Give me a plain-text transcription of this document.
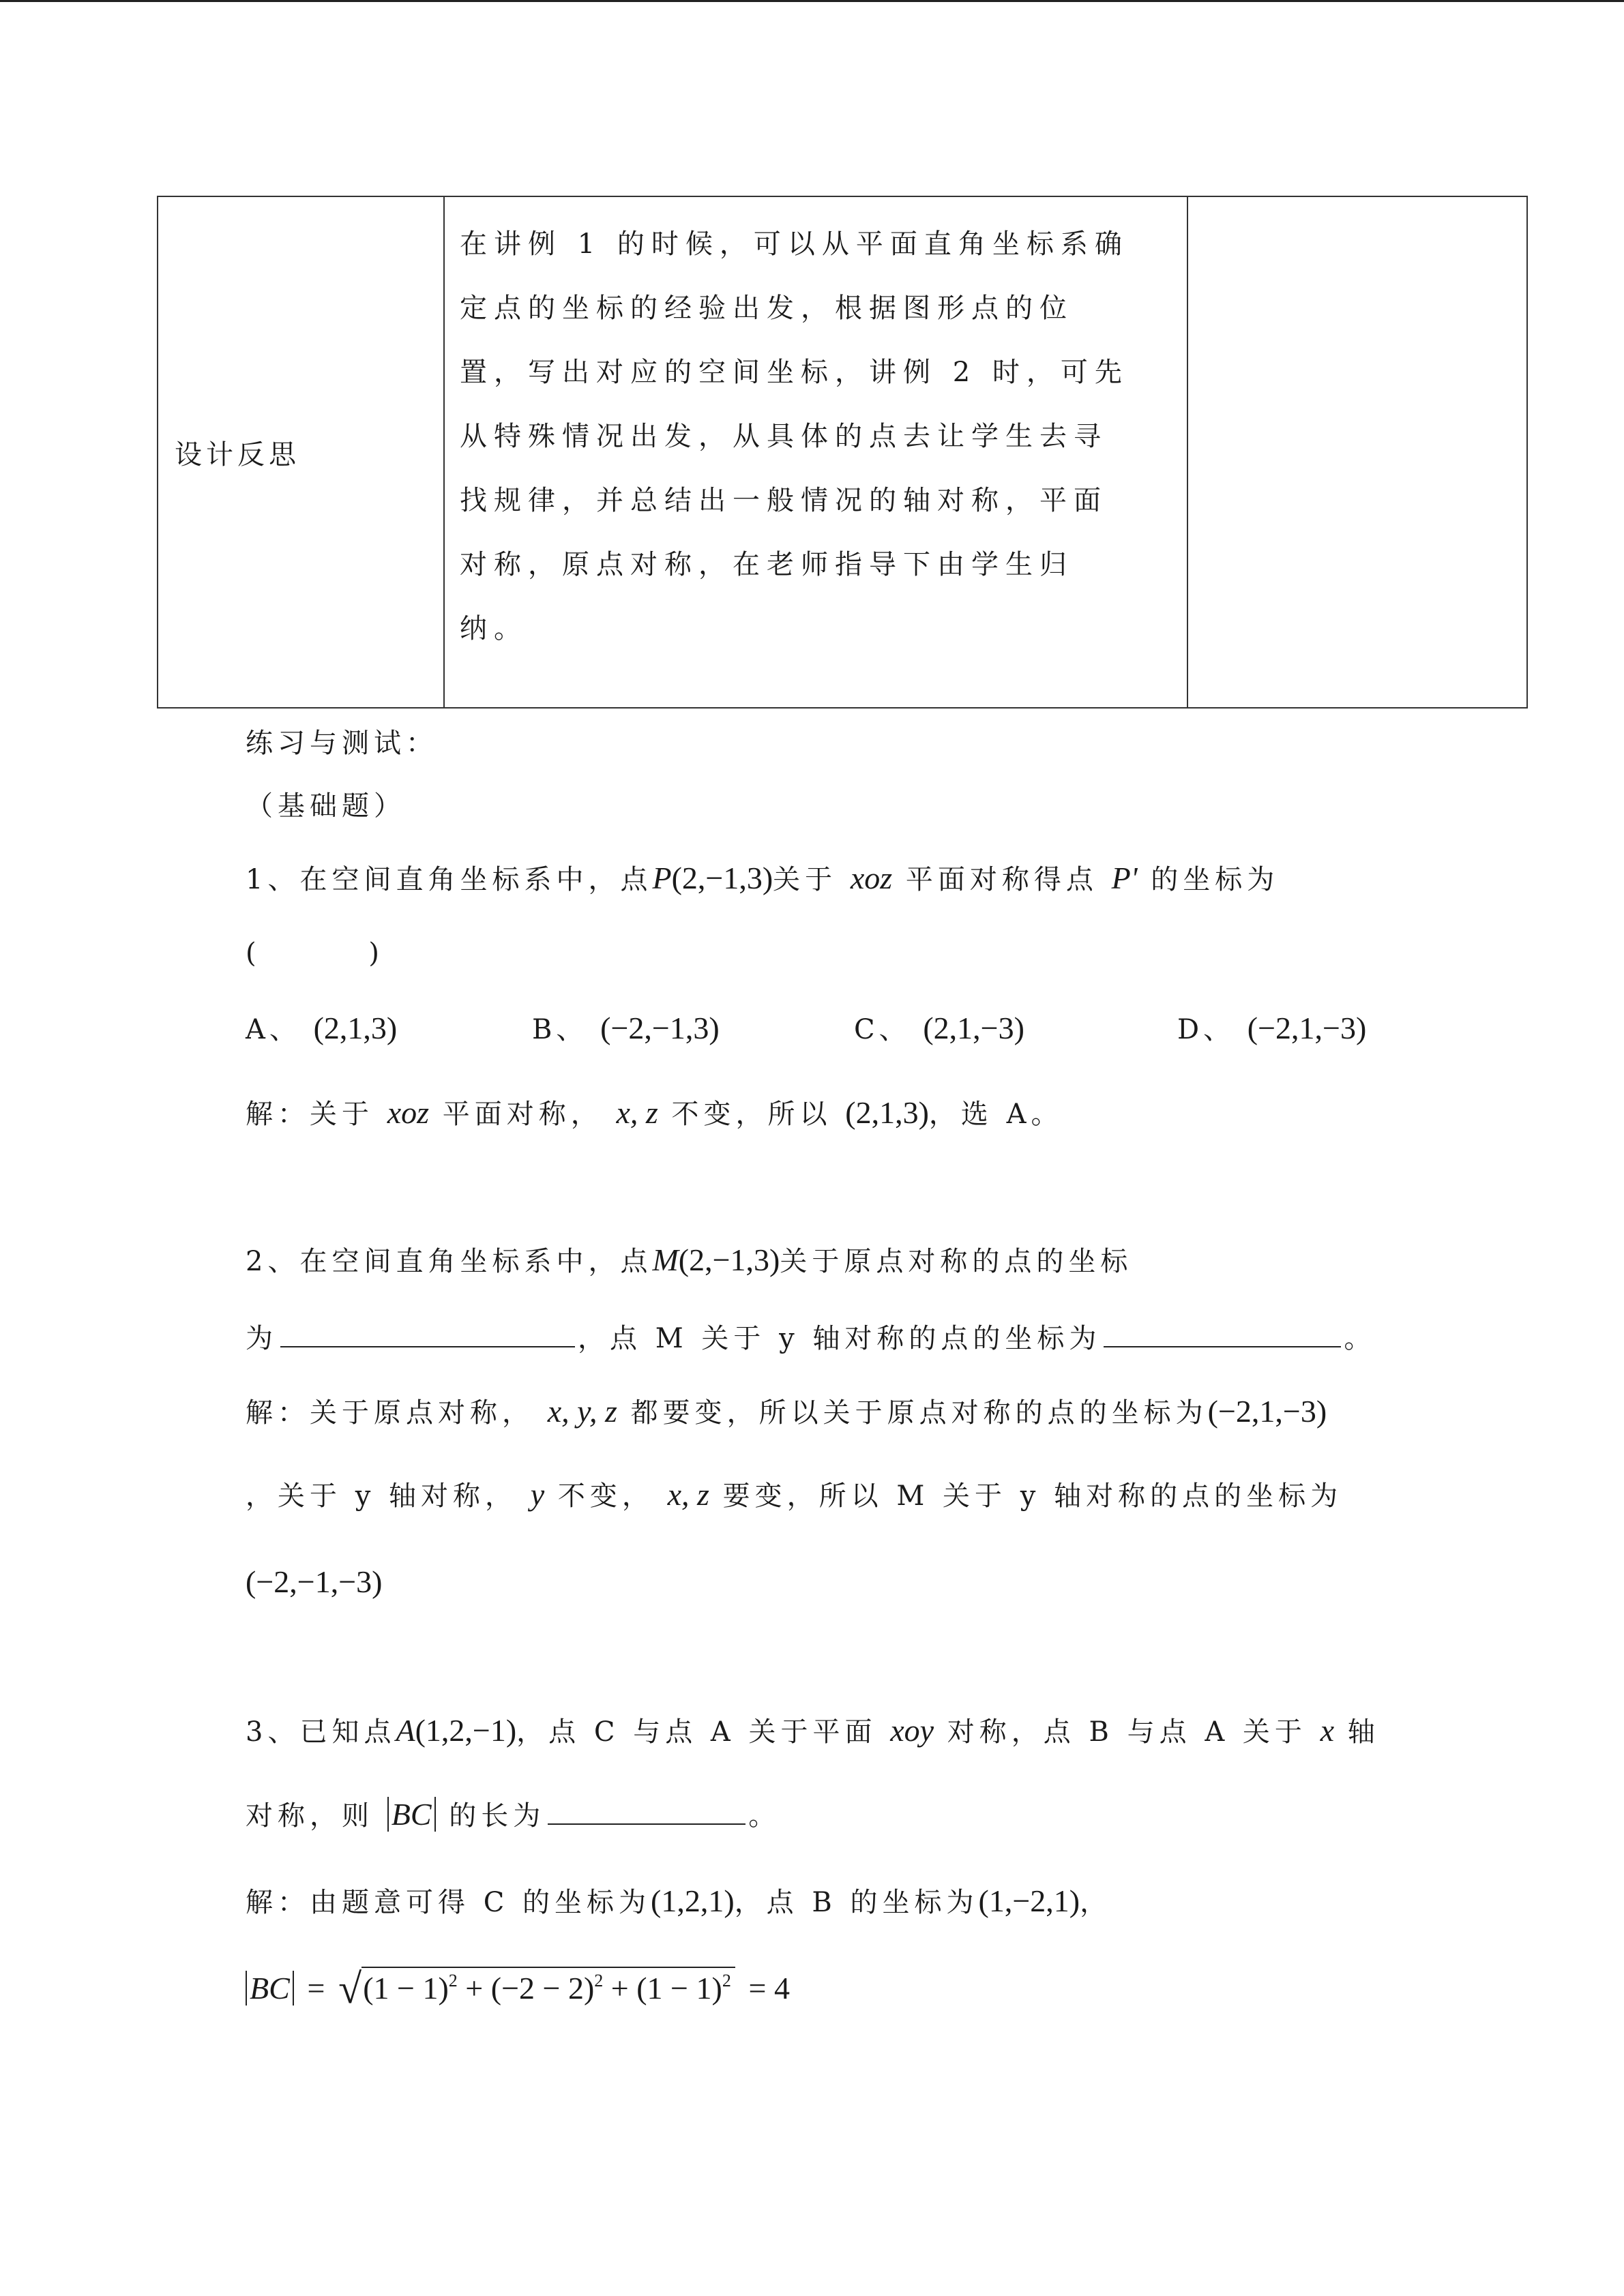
设计反思	

在讲例 1 的时候，可以从平面直角坐标系确

定点的坐标的经验出发，根据图形点的位

置，写出对应的空间坐标，讲例 2 时，可先

从特殊情况出发，从具体的点去让学生去寻

找规律，并总结出一般情况的轴对称，平面

对称，原点对称，在老师指导下由学生归

纳。

练习与测试：
（基础题）
1、在空间直角坐标系中，点P(2,−1,3)关于 xoz 平面对称得点 P' 的坐标为
(        )
A、 (2,1,3)	B、 (−2,−1,3)	C、 (2,1,−3)	D、 (−2,1,−3)
解：关于 xoz 平面对称， x, z 不变，所以 (2,1,3)，选 A。
2、在空间直角坐标系中，点M(2,−1,3)关于原点对称的点的坐标
为	，点 M 关于 y 轴对称的点的坐标为	。
解：关于原点对称， x, y, z 都要变，所以关于原点对称的点的坐标为(−2,1,−3)
，关于 y 轴对称， y 不变， x, z 要变，所以 M 关于 y 轴对称的点的坐标为
(−2,−1,−3)
3、已知点A(1,2,−1)，点 C 与点 A 关于平面 xoy 对称，点 B 与点 A 关于 x 轴
对称，则 BC 的长为	。
解：由题意可得 C 的坐标为(1,2,1)，点 B 的坐标为(1,−2,1)，
BC = $√(1 - 1)^2 + (-2 - 2)^2 + (1 - 1)^2 = 4$
